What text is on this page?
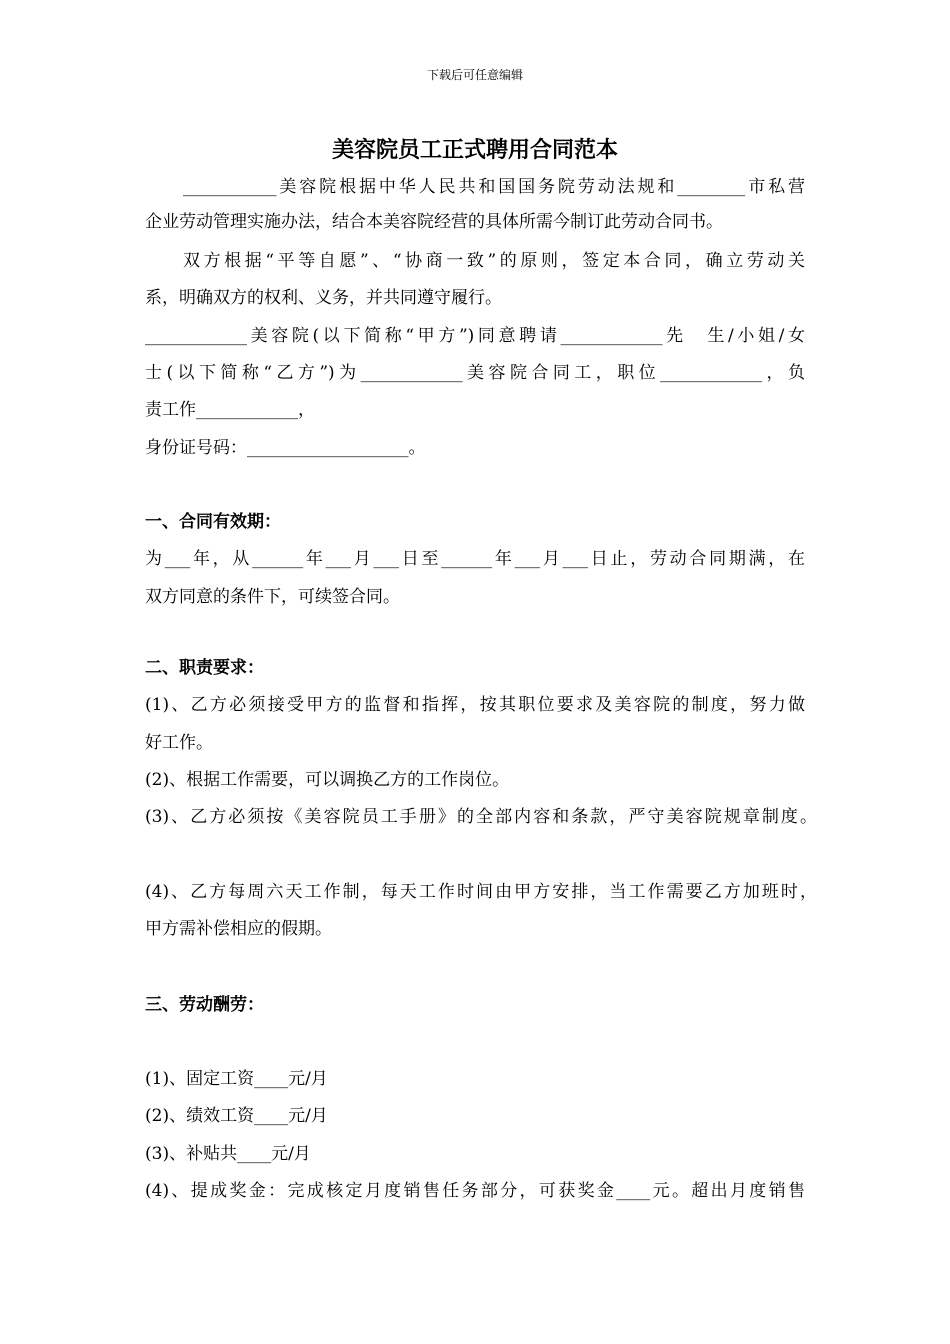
下载后可任意编辑
美容院员工正式聘用合同范本
___________美容院根据中华人民共和国国务院劳动法规和________市私营
企业劳动管理实施办法，结合本美容院经营的具体所需今制订此劳动合同书。
双方根据“平等自愿”、“协商一致”的原则，签定本合同，确立劳动关
系，明确双方的权利、义务，并共同遵守履行。
____________美容院(以下简称“甲方”)同意聘请____________先　生/小姐/女
士(以下简称“乙方”)为____________美容院合同工，职位____________，负
责工作____________，
身份证号码：___________________。
一、合同有效期：
为___年，从______年___月___日至______年___月___日止，劳动合同期满，在
双方同意的条件下，可续签合同。
二、职责要求：
(1)、乙方必须接受甲方的监督和指挥，按其职位要求及美容院的制度，努力做
好工作。
(2)、根据工作需要，可以调换乙方的工作岗位。
(3)、乙方必须按《美容院员工手册》的全部内容和条款，严守美容院规章制度。
(4)、乙方每周六天工作制，每天工作时间由甲方安排，当工作需要乙方加班时，
甲方需补偿相应的假期。
三、劳动酬劳：
(1)、固定工资____元/月
(2)、绩效工资____元/月
(3)、补贴共____元/月
(4)、提成奖金：完成核定月度销售任务部分，可获奖金____元。超出月度销售
